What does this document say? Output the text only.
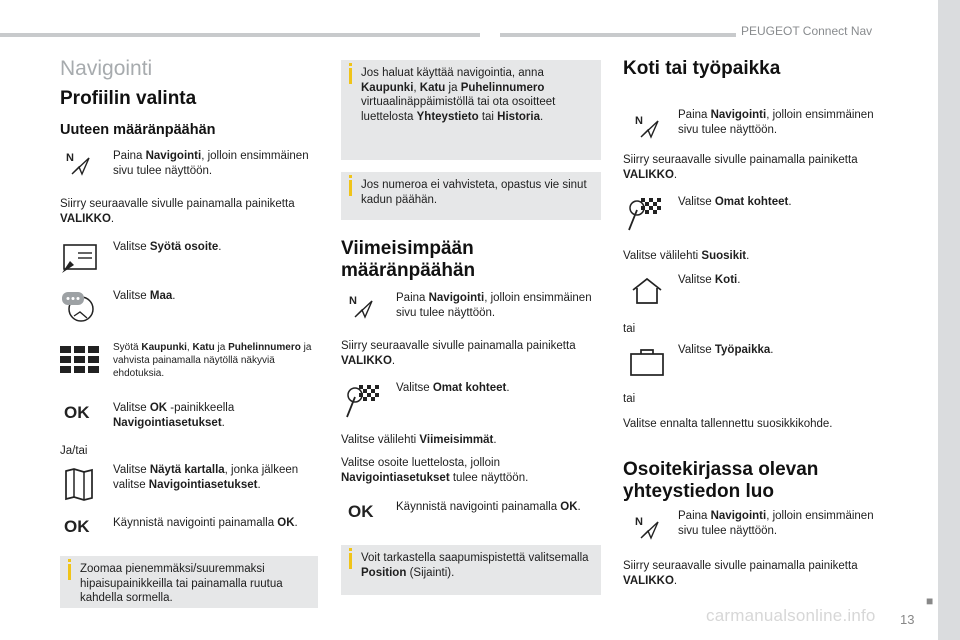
PEUGEOT Connect Nav
■
13
carmanualsonline.info
Navigointi
Profiilin valinta
Uuteen määränpäähän
N	Paina Navigointi, jolloin ensimmäinen sivu tulee näyttöön.
Siirry seuraavalle sivulle painamalla painiketta VALIKKO.
Valitse Syötä osoite.
Valitse Maa.
Syötä Kaupunki, Katu ja Puhelinnumero ja vahvista painamalla näytöllä näkyviä ehdotuksia.
OK Valitse OK -painikkeella Navigointiasetukset.
Ja/tai
Valitse Näytä kartalla, jonka jälkeen valitse Navigointiasetukset.
OK Käynnistä navigointi painamalla OK.
Zoomaa pienemmäksi/suuremmaksi hipaisupainikkeilla tai painamalla ruutua kahdella sormella.
Jos haluat käyttää navigointia, anna Kaupunki, Katu ja Puhelinnumero virtuaalinäppäimistöllä tai ota osoitteet luettelosta Yhteystieto tai Historia.
Jos numeroa ei vahvisteta, opastus vie sinut kadun päähän.
Viimeisimpään
määränpäähän
N	Paina Navigointi, jolloin ensimmäinen sivu tulee näyttöön.
Siirry seuraavalle sivulle painamalla painiketta VALIKKO.
Valitse Omat kohteet.
Valitse välilehti Viimeisimmät.
Valitse osoite luettelosta, jolloin Navigointiasetukset tulee näyttöön.
OK Käynnistä navigointi painamalla OK.
Voit tarkastella saapumispistettä valitsemalla Position (Sijainti).
Koti tai työpaikka
N	Paina Navigointi, jolloin ensimmäinen sivu tulee näyttöön.
Siirry seuraavalle sivulle painamalla painiketta VALIKKO.
Valitse Omat kohteet.
Valitse välilehti Suosikit.
Valitse Koti.
tai
Valitse Työpaikka.
tai
Valitse ennalta tallennettu suosikkikohde.
Osoitekirjassa olevan
yhteystiedon luo
N	Paina Navigointi, jolloin ensimmäinen sivu tulee näyttöön.
Siirry seuraavalle sivulle painamalla painiketta VALIKKO.
